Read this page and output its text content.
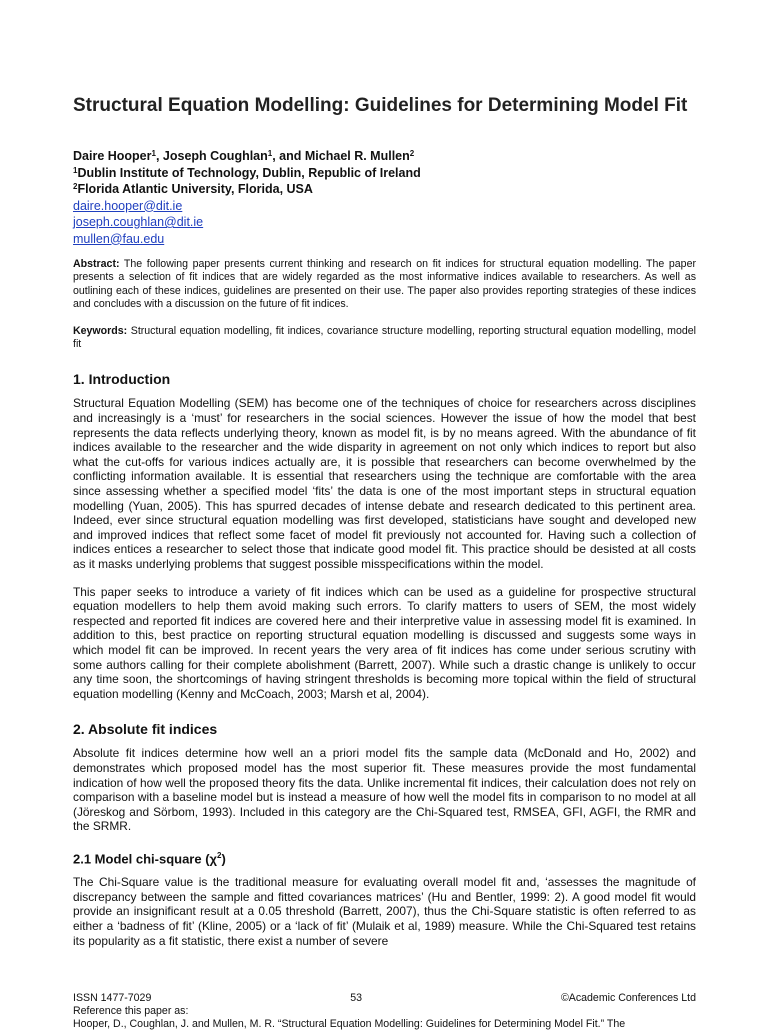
Structural Equation Modelling: Guidelines for Determining Model Fit
Daire Hooper$^1$, Joseph Coughlan$^1$, and Michael R. Mullen$^2$
$^1$Dublin Institute of Technology, Dublin, Republic of Ireland
$^2$Florida Atlantic University, Florida, USA
daire.hooper@dit.ie
joseph.coughlan@dit.ie
mullen@fau.edu
Abstract: The following paper presents current thinking and research on fit indices for structural equation modelling. The paper presents a selection of fit indices that are widely regarded as the most informative indices available to researchers. As well as outlining each of these indices, guidelines are presented on their use. The paper also provides reporting strategies of these indices and concludes with a discussion on the future of fit indices.
Keywords: Structural equation modelling, fit indices, covariance structure modelling, reporting structural equation modelling, model fit
1. Introduction

Structural Equation Modelling (SEM) has become one of the techniques of choice for researchers across disciplines and increasingly is a ‘must’ for researchers in the social sciences. However the issue of how the model that best represents the data reflects underlying theory, known as model fit, is by no means agreed. With the abundance of fit indices available to the researcher and the wide disparity in agreement on not only which indices to report but also what the cut-offs for various indices actually are, it is possible that researchers can become overwhelmed by the conflicting information available. It is essential that researchers using the technique are comfortable with the area since assessing whether a specified model ‘fits’ the data is one of the most important steps in structural equation modelling (Yuan, 2005). This has spurred decades of intense debate and research dedicated to this pertinent area. Indeed, ever since structural equation modelling was first developed, statisticians have sought and developed new and improved indices that reflect some facet of model fit previously not accounted for. Having such a collection of indices entices a researcher to select those that indicate good model fit. This practice should be desisted at all costs as it masks underlying problems that suggest possible misspecifications within the model.

This paper seeks to introduce a variety of fit indices which can be used as a guideline for prospective structural equation modellers to help them avoid making such errors. To clarify matters to users of SEM, the most widely respected and reported fit indices are covered here and their interpretive value in assessing model fit is examined. In addition to this, best practice on reporting structural equation modelling is discussed and suggests some ways in which model fit can be improved. In recent years the very area of fit indices has come under serious scrutiny with some authors calling for their complete abolishment (Barrett, 2007). While such a drastic change is unlikely to occur any time soon, the shortcomings of having stringent thresholds is becoming more topical within the field of structural equation modelling (Kenny and McCoach, 2003; Marsh et al, 2004).

2. Absolute fit indices

Absolute fit indices determine how well an a priori model fits the sample data (McDonald and Ho, 2002) and demonstrates which proposed model has the most superior fit. These measures provide the most fundamental indication of how well the proposed theory fits the data. Unlike incremental fit indices, their calculation does not rely on comparison with a baseline model but is instead a measure of how well the model fits in comparison to no model at all (Jöreskog and Sörbom, 1993). Included in this category are the Chi-Squared test, RMSEA, GFI, AGFI, the RMR and the SRMR.

2.1 Model chi-square $(\chi^2)$

The Chi-Square value is the traditional measure for evaluating overall model fit and, ‘assesses the magnitude of discrepancy between the sample and fitted covariances matrices’ (Hu and Bentler, 1999: 2). A good model fit would provide an insignificant result at a 0.05 threshold (Barrett, 2007), thus the Chi-Square statistic is often referred to as either a ‘badness of fit’ (Kline, 2005) or a ‘lack of fit’ (Mulaik et al, 1989) measure. While the Chi-Squared test retains its popularity as a fit statistic, there exist a number of severe

ISSN 1477-7029	53	©Academic Conferences Ltd
Reference this paper as:
Hooper, D., Coughlan, J. and Mullen, M. R. “Structural Equation Modelling: Guidelines for Determining Model Fit.” The
